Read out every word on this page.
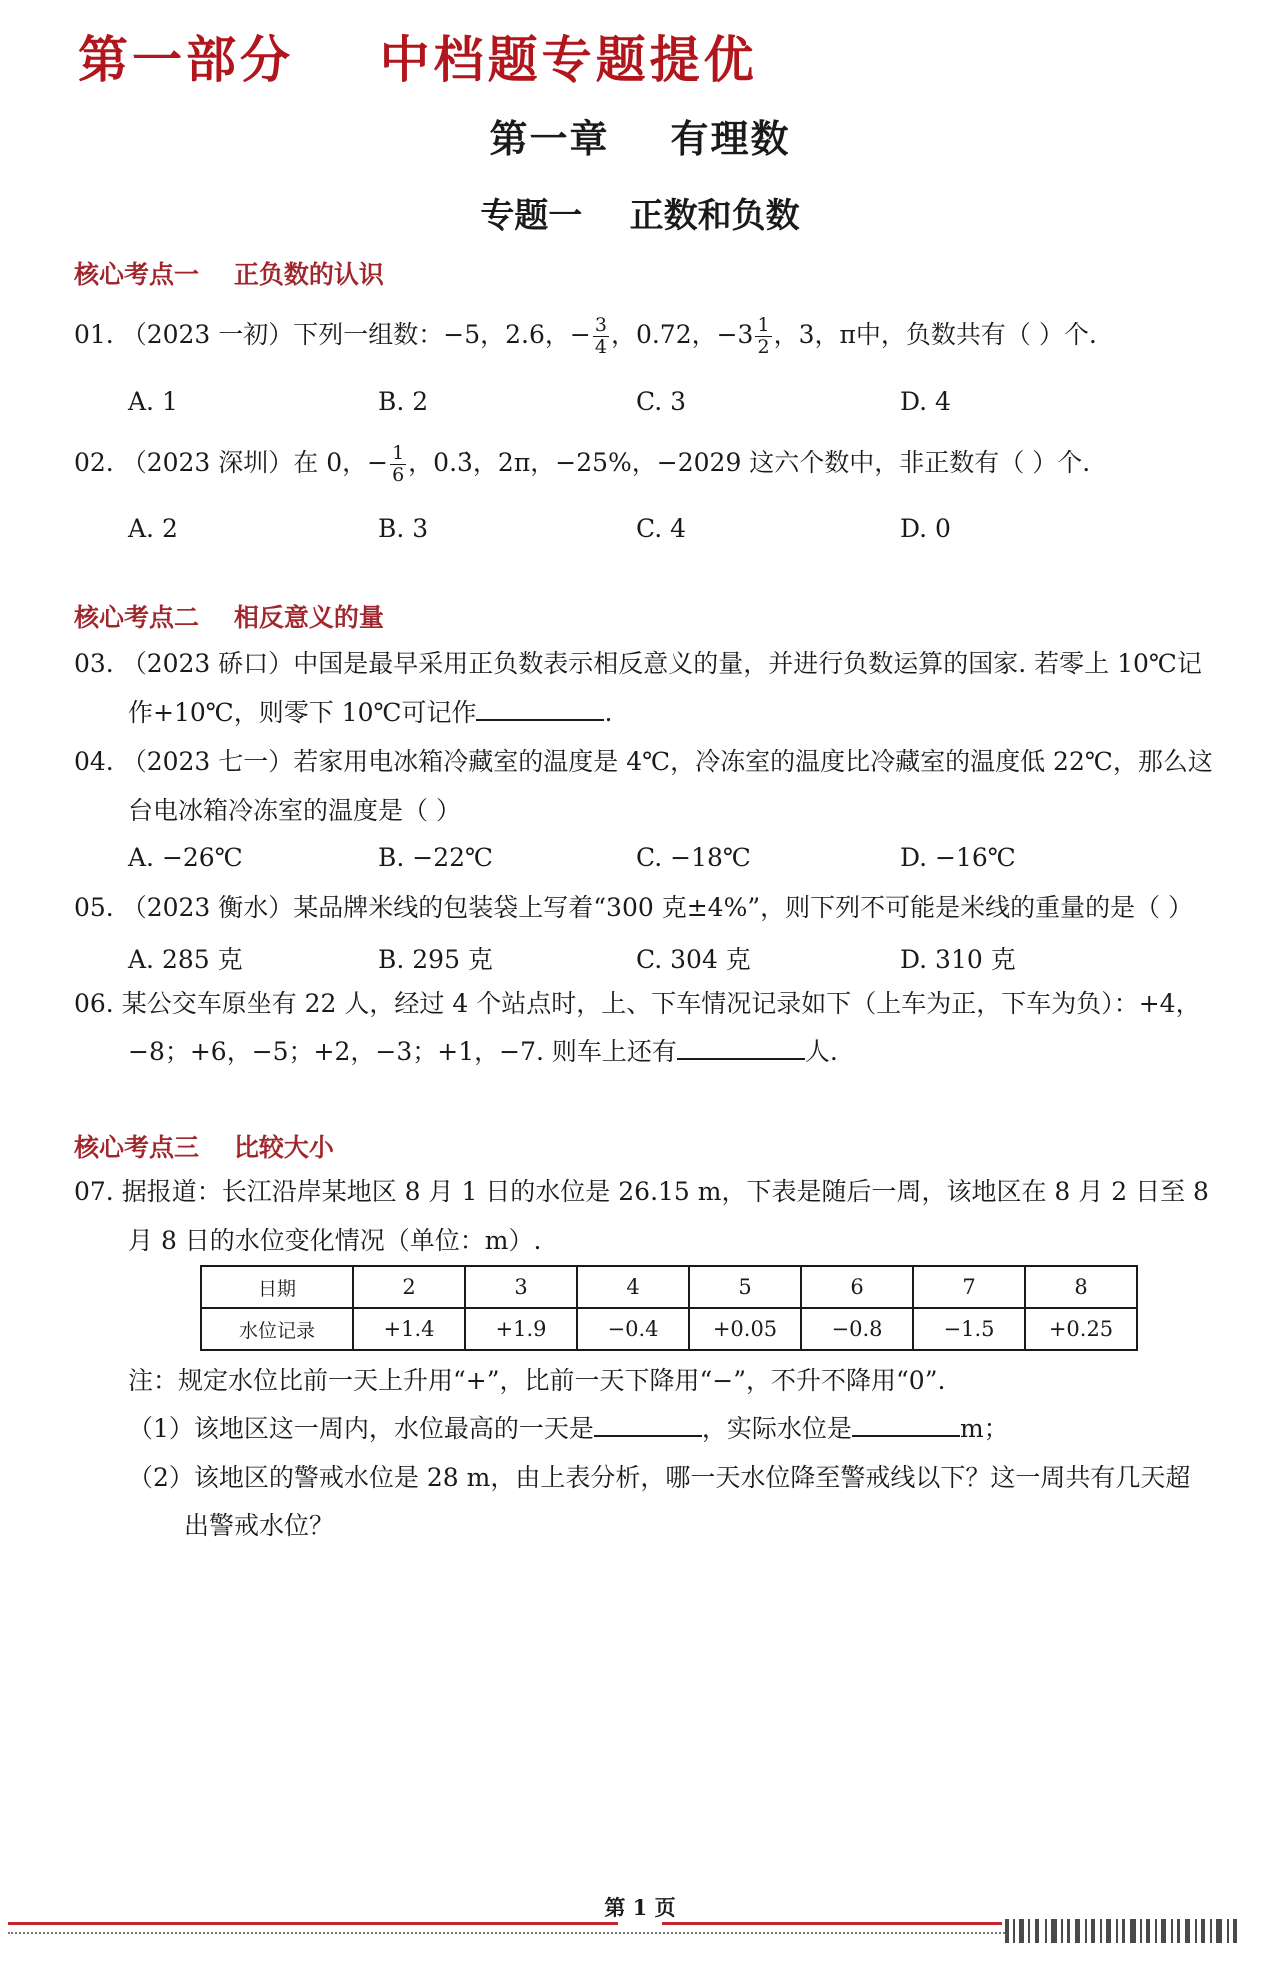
第一部分    中档题专题提优
第一章    有理数
专题一    正数和负数
核心考点一    正负数的认识
01. （2023 一初）下列一组数：−5，2.6，− $\frac{3}{4}$ ，0.72，$-3 \frac{1}{2}$ ，3，π中，负数共有（ ）个.
A. 1	B. 2	C. 3	D. 4
02. （2023 深圳）在 0，− $\frac{1}{6}$ ，0.3̇，2π，−25%，−2029 这六个数中，非正数有（ ）个.
A. 2	B. 3	C. 4	D. 0
核心考点二    相反意义的量
03. （2023 硚口）中国是最早采用正负数表示相反意义的量，并进行负数运算的国家. 若零上 10℃记
作+10℃，则零下 10℃可记作	.
04. （2023 七一）若家用电冰箱冷藏室的温度是 4℃，冷冻室的温度比冷藏室的温度低 22℃，那么这
台电冰箱冷冻室的温度是（ ）
A. −26℃	B. −22℃	C. −18℃	D. −16℃
05. （2023 衡水）某品牌米线的包装袋上写着“300 克±4%”，则下列不可能是米线的重量的是（ ）
A. 285 克	B. 295 克	C. 304 克	D. 310 克
06. 某公交车原坐有 22 人，经过 4 个站点时，上、下车情况记录如下（上车为正，下车为负）：+4，
−8；+6，−5；+2，−3；+1，−7. 则车上还有	人.
核心考点三    比较大小
07. 据报道：长江沿岸某地区 8 月 1 日的水位是 26.15 m，下表是随后一周，该地区在 8 月 2 日至 8
月 8 日的水位变化情况（单位：m）.
日期	2	3	4	5	6	7	8
水位记录	+1.4	+1.9	−0.4	+0.05	−0.8	−1.5	+0.25
注：规定水位比前一天上升用“+”，比前一天下降用“−”，不升不降用“0”.
（1）该地区这一周内，水位最高的一天是	，实际水位是	m；
（2）该地区的警戒水位是 28 m，由上表分析，哪一天水位降至警戒线以下？这一周共有几天超
出警戒水位？
第 1 页
